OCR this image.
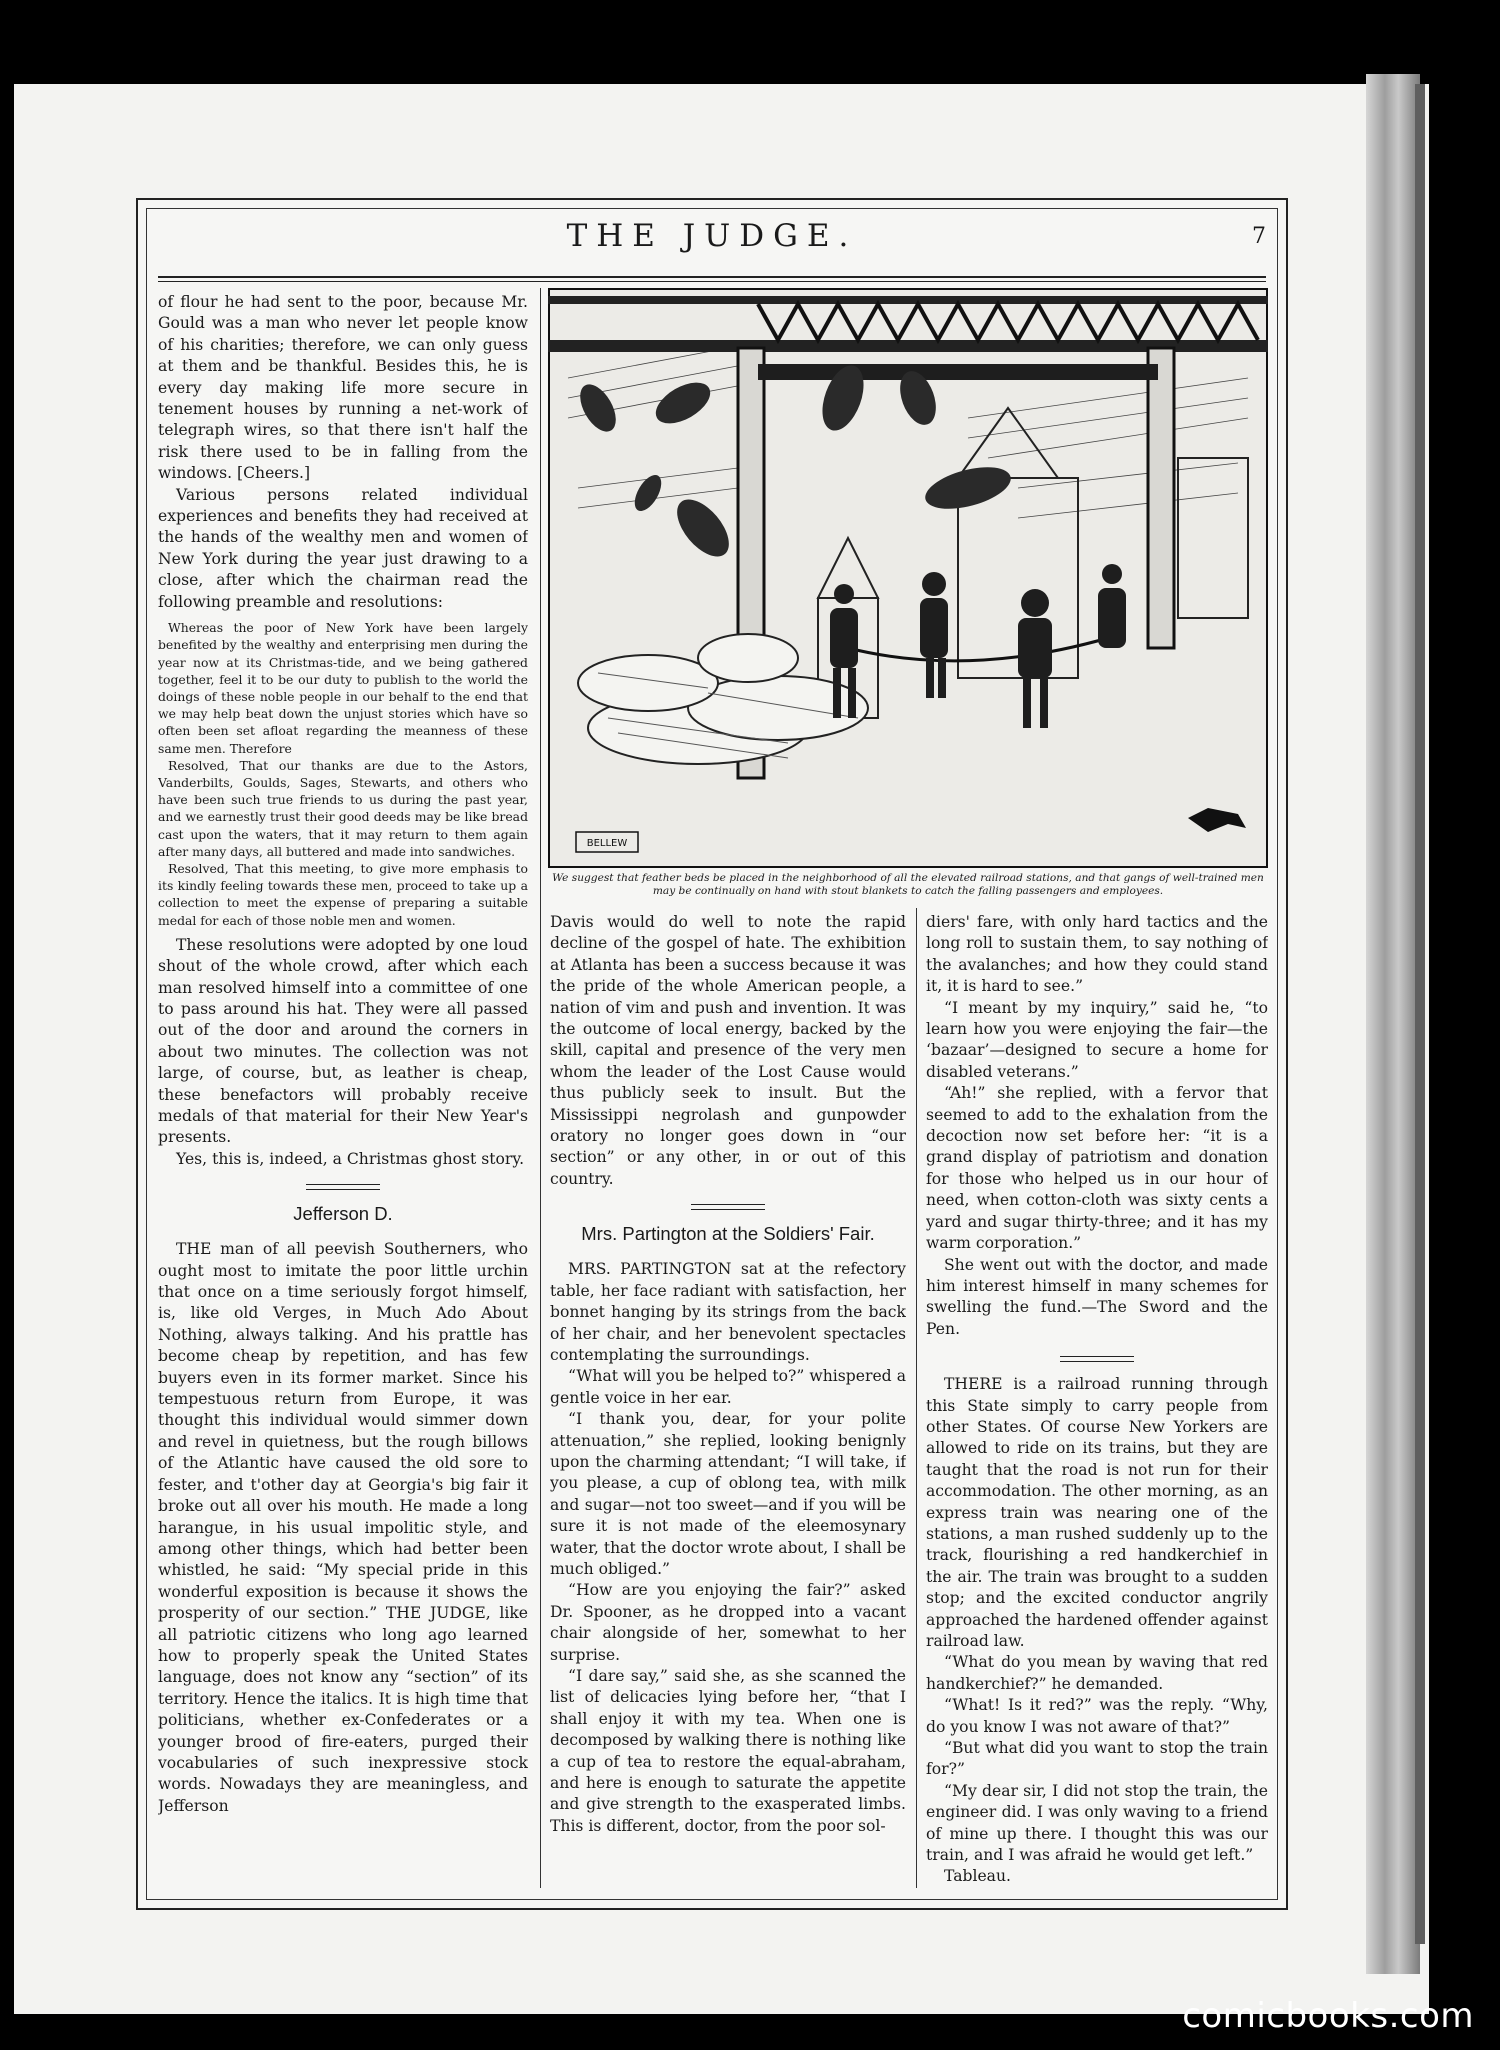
THE JUDGE.	7

of flour he had sent to the poor, because Mr. Gould was a man who never let people know of his charities; therefore, we can only guess at them and be thankful. Besides this, he is every day making life more secure in tenement houses by running a net-work of telegraph wires, so that there isn't half the risk there used to be in falling from the windows. [Cheers.]

Various persons related individual experiences and benefits they had received at the hands of the wealthy men and women of New York during the year just drawing to a close, after which the chairman read the following preamble and resolutions:

Whereas the poor of New York have been largely benefited by the wealthy and enterprising men during the year now at its Christmas-tide, and we being gathered together, feel it to be our duty to publish to the world the doings of these noble people in our behalf to the end that we may help beat down the unjust stories which have so often been set afloat regarding the meanness of these same men. Therefore

Resolved, That our thanks are due to the Astors, Vanderbilts, Goulds, Sages, Stewarts, and others who have been such true friends to us during the past year, and we earnestly trust their good deeds may be like bread cast upon the waters, that it may return to them again after many days, all buttered and made into sandwiches.

Resolved, That this meeting, to give more emphasis to its kindly feeling towards these men, proceed to take up a collection to meet the expense of preparing a suitable medal for each of those noble men and women.

These resolutions were adopted by one loud shout of the whole crowd, after which each man resolved himself into a committee of one to pass around his hat. They were all passed out of the door and around the corners in about two minutes. The collection was not large, of course, but, as leather is cheap, these benefactors will probably receive medals of that material for their New Year's presents.

Yes, this is, indeed, a Christmas ghost story.

Jefferson D.

THE man of all peevish Southerners, who ought most to imitate the poor little urchin that once on a time seriously forgot himself, is, like old Verges, in Much Ado About Nothing, always talking. And his prattle has become cheap by repetition, and has few buyers even in its former market. Since his tempestuous return from Europe, it was thought this individual would simmer down and revel in quietness, but the rough billows of the Atlantic have caused the old sore to fester, and t'other day at Georgia's big fair it broke out all over his mouth. He made a long harangue, in his usual impolitic style, and among other things, which had better been whistled, he said: “My special pride in this wonderful exposition is because it shows the prosperity of our section.” THE JUDGE, like all patriotic citizens who long ago learned how to properly speak the United States language, does not know any “section” of its territory. Hence the italics. It is high time that politicians, whether ex-Confederates or a younger brood of fire-eaters, purged their vocabularies of such inexpressive stock words. Nowadays they are meaningless, and Jefferson

BELLEW
We suggest that feather beds be placed in the neighborhood of all the elevated railroad stations, and that gangs of well-trained men may be continually on hand with stout blankets to catch the falling passengers and employees.

Davis would do well to note the rapid decline of the gospel of hate. The exhibition at Atlanta has been a success because it was the pride of the whole American people, a nation of vim and push and invention. It was the outcome of local energy, backed by the skill, capital and presence of the very men whom the leader of the Lost Cause would thus publicly seek to insult. But the Mississippi negrolash and gunpowder oratory no longer goes down in “our section” or any other, in or out of this country.

Mrs. Partington at the Soldiers' Fair.

MRS. PARTINGTON sat at the refectory table, her face radiant with satisfaction, her bonnet hanging by its strings from the back of her chair, and her benevolent spectacles contemplating the surroundings.

“What will you be helped to?” whispered a gentle voice in her ear.

“I thank you, dear, for your polite attenuation,” she replied, looking benignly upon the charming attendant; “I will take, if you please, a cup of oblong tea, with milk and sugar—not too sweet—and if you will be sure it is not made of the eleemosynary water, that the doctor wrote about, I shall be much obliged.”

“How are you enjoying the fair?” asked Dr. Spooner, as he dropped into a vacant chair alongside of her, somewhat to her surprise.

“I dare say,” said she, as she scanned the list of delicacies lying before her, “that I shall enjoy it with my tea. When one is decomposed by walking there is nothing like a cup of tea to restore the equal-abraham, and here is enough to saturate the appetite and give strength to the exasperated limbs. This is different, doctor, from the poor sol-

diers' fare, with only hard tactics and the long roll to sustain them, to say nothing of the avalanches; and how they could stand it, it is hard to see.”

“I meant by my inquiry,” said he, “to learn how you were enjoying the fair—the ‘bazaar’—designed to secure a home for disabled veterans.”

“Ah!” she replied, with a fervor that seemed to add to the exhalation from the decoction now set before her: “it is a grand display of patriotism and donation for those who helped us in our hour of need, when cotton-cloth was sixty cents a yard and sugar thirty-three; and it has my warm corporation.”

She went out with the doctor, and made him interest himself in many schemes for swelling the fund.—The Sword and the Pen.

THERE is a railroad running through this State simply to carry people from other States. Of course New Yorkers are allowed to ride on its trains, but they are taught that the road is not run for their accommodation. The other morning, as an express train was nearing one of the stations, a man rushed suddenly up to the track, flourishing a red handkerchief in the air. The train was brought to a sudden stop; and the excited conductor angrily approached the hardened offender against railroad law.

“What do you mean by waving that red handkerchief?” he demanded.

“What! Is it red?” was the reply. “Why, do you know I was not aware of that?”

“But what did you want to stop the train for?”

“My dear sir, I did not stop the train, the engineer did. I was only waving to a friend of mine up there. I thought this was our train, and I was afraid he would get left.”

Tableau.

comicbooks.com
